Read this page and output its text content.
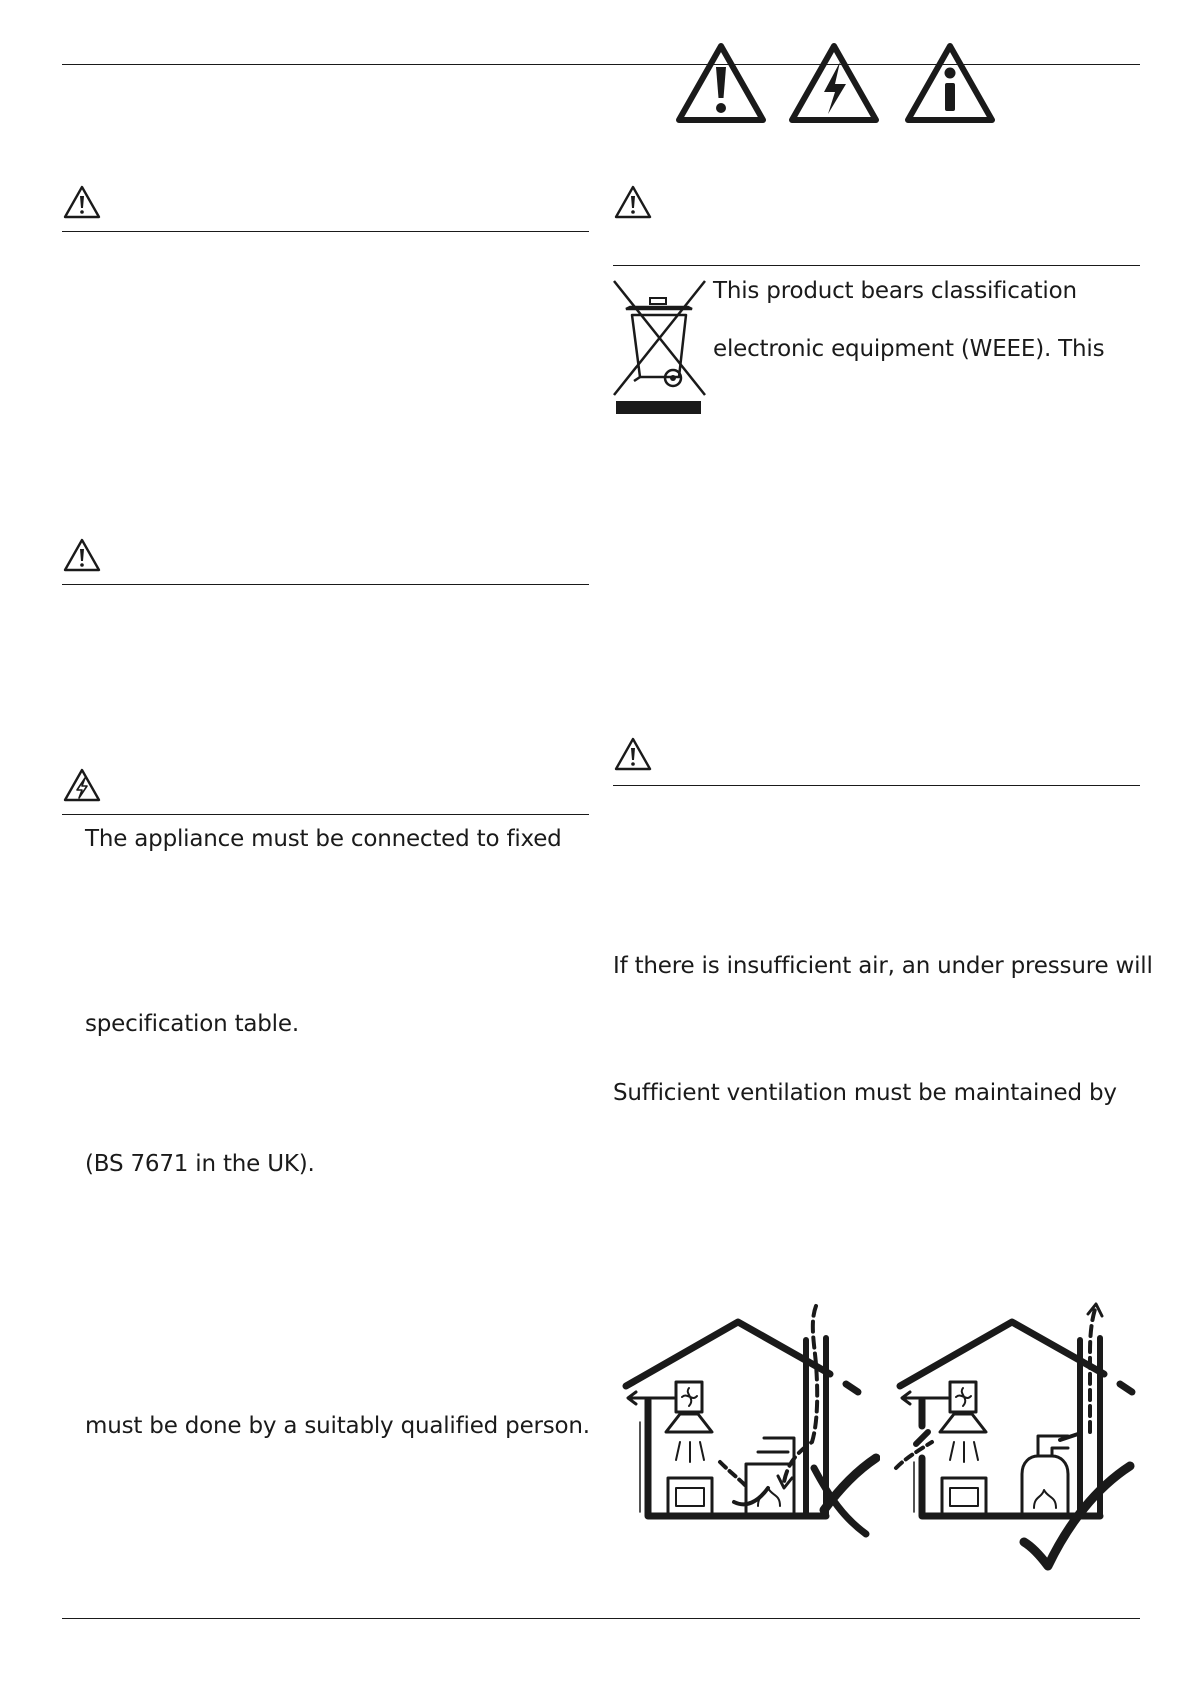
The appliance must be connected to fixed
specification table.
(BS 7671 in the UK).
must be done by a suitably qualified person.
This product bears classification
electronic equipment (WEEE). This
If there is insufficient air, an under pressure will
Sufficient ventilation must be maintained by
